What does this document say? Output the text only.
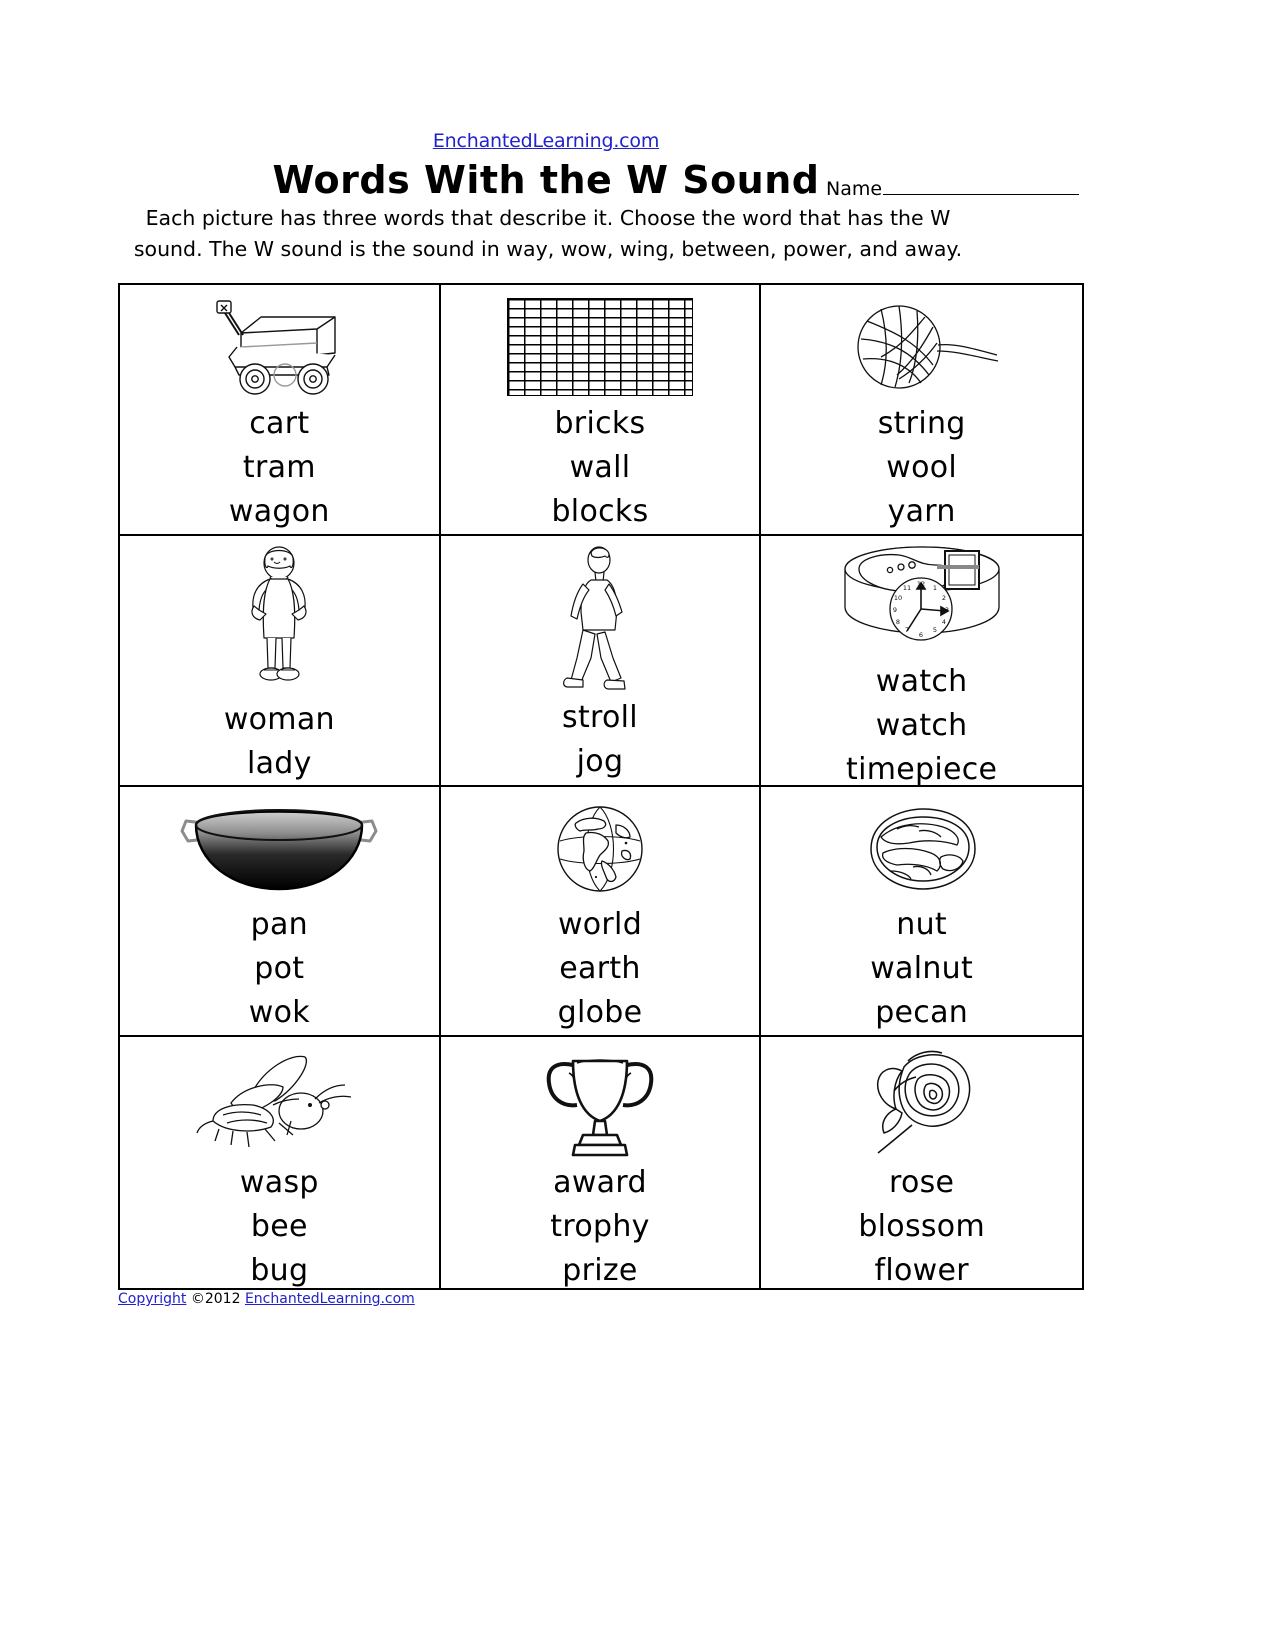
EnchantedLearning.com
Words With the W Sound Name
Each picture has three words that describe it. Choose the word that has the W
sound. The W sound is the sound in way, wow, wing, between, power, and away.
cart
tram
wagon
bricks
wall
blocks
string
wool
yarn
woman
lady
stroll
jog
12 1
2
3
4
5
6
7
8
9
10
11
watch
watch
timepiece
pan
pot
wok
world
earth
globe
nut
walnut
pecan
wasp
bee
bug
award
trophy
prize
rose
blossom
flower
Copyright ©2012 EnchantedLearning.com
